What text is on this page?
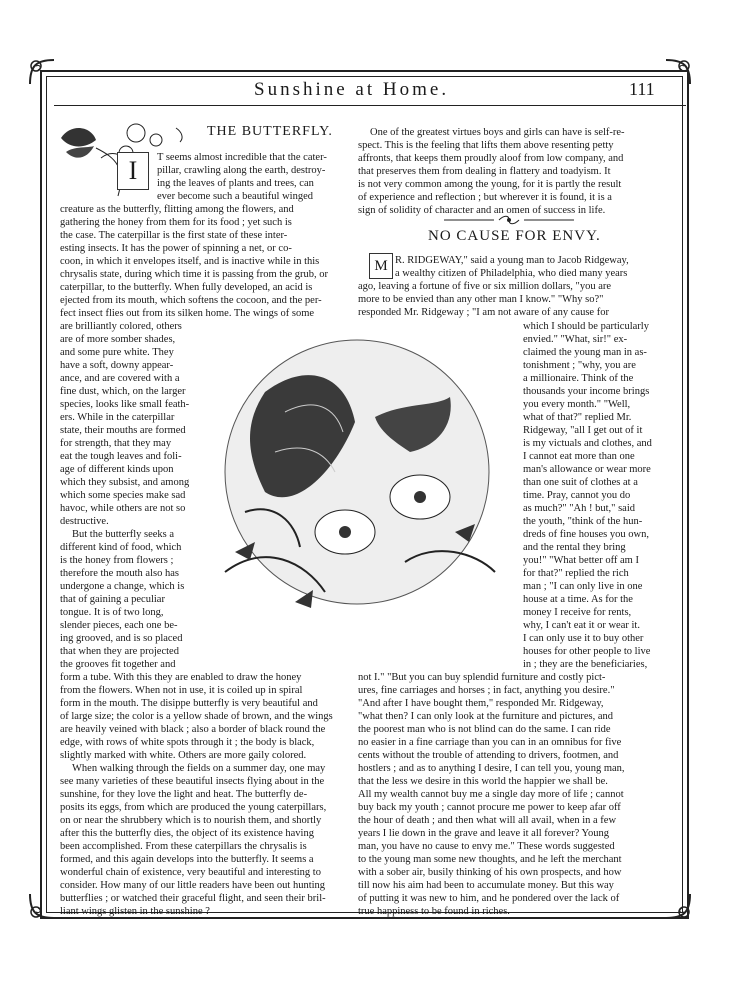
Sunshine at Home.	111
THE BUTTERFLY.
I	T seems almost incredible that the cater-
pillar, crawling along the earth, destroy-
ing the leaves of plants and trees, can
ever become such a beautiful winged
creature as the butterfly, flitting among the flowers, and
gathering the honey from them for its food ; yet such is
the case. The caterpillar is the first state of these inter-
esting insects. It has the power of spinning a net, or co-
coon, in which it envelopes itself, and is inactive while in this
chrysalis state, during which time it is passing from the grub, or
caterpillar, to the butterfly. When fully developed, an acid is
ejected from its mouth, which softens the cocoon, and the per-
fect insect flies out from its silken home. The wings of some
are brilliantly colored, others
are of more somber shades,
and some pure white. They
have a soft, downy appear-
ance, and are covered with a
fine dust, which, on the larger
species, looks like small feath-
ers. While in the caterpillar
state, their mouths are formed
for strength, that they may
eat the tough leaves and foli-
age of different kinds upon
which they subsist, and among
which some species make sad
havoc, while others are not so
destructive.
But the butterfly seeks a
different kind of food, which
is the honey from flowers ;
therefore the mouth also has
undergone a change, which is
that of gaining a peculiar
tongue. It is of two long,
slender pieces, each one be-
ing grooved, and is so placed
that when they are projected
the grooves fit together and
form a tube. With this they are enabled to draw the honey
from the flowers. When not in use, it is coiled up in spiral
form in the mouth. The disippe butterfly is very beautiful and
of large size; the color is a yellow shade of brown, and the wings
are heavily veined with black ; also a border of black round the
edge, with rows of white spots through it ; the body is black,
slightly marked with white. Others are more gaily colored.
When walking through the fields on a summer day, one may
see many varieties of these beautiful insects flying about in the
sunshine, for they love the light and heat. The butterfly de-
posits its eggs, from which are produced the young caterpillars,
on or near the shrubbery which is to nourish them, and shortly
after this the butterfly dies, the object of its existence having
been accomplished. From these caterpillars the chrysalis is
formed, and this again develops into the butterfly. It seems a
wonderful chain of existence, very beautiful and interesting to
consider. How many of our little readers have been out hunting
butterflies ; or watched their graceful flight, and seen their bril-
liant wings glisten in the sunshine ?
One of the greatest virtues boys and girls can have is self-re-
spect. This is the feeling that lifts them above resenting petty
affronts, that keeps them proudly aloof from low company, and
that preserves them from dealing in flattery and toadyism. It
is not very common among the young, for it is partly the result
of experience and reflection ; but wherever it is found, it is a
sign of solidity of character and an omen of success in life.
NO CAUSE FOR ENVY.
M R. RIDGEWAY," said a young man to Jacob Ridgeway,
a wealthy citizen of Philadelphia, who died many years
ago, leaving a fortune of five or six million dollars, "you are
more to be envied than any other man I know." "Why so?"
responded Mr. Ridgeway ; "I am not aware of any cause for
which I should be particularly
envied." "What, sir!" ex-
claimed the young man in as-
tonishment ; "why, you are
a millionaire. Think of the
thousands your income brings
you every month." "Well,
what of that?" replied Mr.
Ridgeway, "all I get out of it
is my victuals and clothes, and
I cannot eat more than one
man's allowance or wear more
than one suit of clothes at a
time. Pray, cannot you do
as much?" "Ah ! but," said
the youth, "think of the hun-
dreds of fine houses you own,
and the rental they bring
you!" "What better off am I
for that?" replied the rich
man ; "I can only live in one
house at a time. As for the
money I receive for rents,
why, I can't eat it or wear it.
I can only use it to buy other
houses for other people to live
in ; they are the beneficiaries,
not I." "But you can buy splendid furniture and costly pict-
ures, fine carriages and horses ; in fact, anything you desire."
"And after I have bought them," responded Mr. Ridgeway,
"what then? I can only look at the furniture and pictures, and
the poorest man who is not blind can do the same. I can ride
no easier in a fine carriage than you can in an omnibus for five
cents without the trouble of attending to drivers, footmen, and
hostlers ; and as to anything I desire, I can tell you, young man,
that the less we desire in this world the happier we shall be.
All my wealth cannot buy me a single day more of life ; cannot
buy back my youth ; cannot procure me power to keep afar off
the hour of death ; and then what will all avail, when in a few
years I lie down in the grave and leave it all forever? Young
man, you have no cause to envy me." These words suggested
to the young man some new thoughts, and he left the merchant
with a sober air, busily thinking of his own prospects, and how
till now his aim had been to accumulate money. But this way
of putting it was new to him, and he pondered over the lack of
true happiness to be found in riches.
